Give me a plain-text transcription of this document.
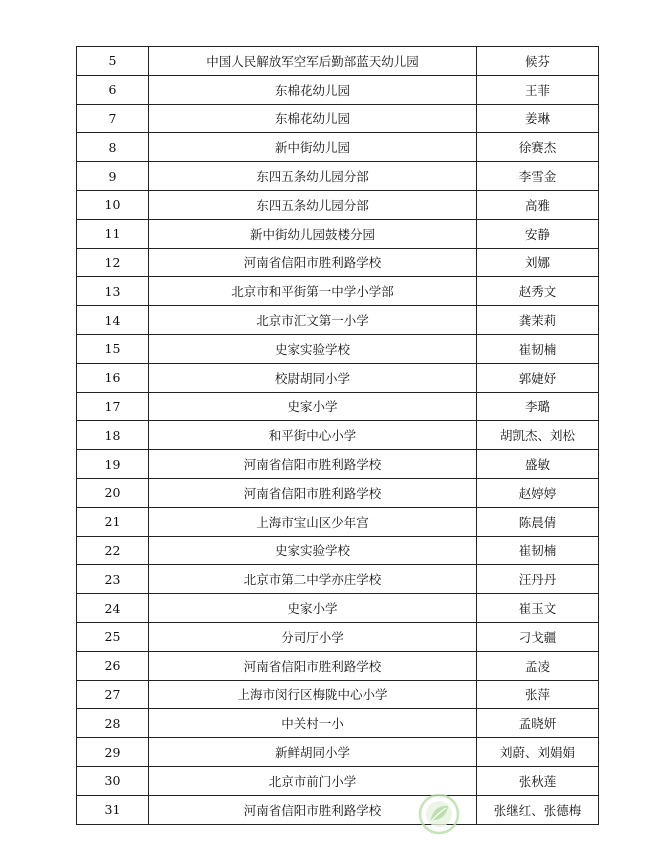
5	中国人民解放军空军后勤部蓝天幼儿园	候芬
6	东棉花幼儿园	王菲
7	东棉花幼儿园	姜琳
8	新中街幼儿园	徐赛杰
9	东四五条幼儿园分部	李雪金
10	东四五条幼儿园分部	高雅
11	新中街幼儿园鼓楼分园	安静
12	河南省信阳市胜利路学校	刘娜
13	北京市和平街第一中学小学部	赵秀文
14	北京市汇文第一小学	龚茉莉
15	史家实验学校	崔韧楠
16	校尉胡同小学	郭婕妤
17	史家小学	李璐
18	和平街中心小学	胡凯杰、刘松
19	河南省信阳市胜利路学校	盛敏
20	河南省信阳市胜利路学校	赵婷婷
21	上海市宝山区少年宫	陈晨倩
22	史家实验学校	崔韧楠
23	北京市第二中学亦庄学校	汪丹丹
24	史家小学	崔玉文
25	分司厅小学	刁戈疆
26	河南省信阳市胜利路学校	孟凌
27	上海市闵行区梅陇中心小学	张萍
28	中关村一小	孟晓妍
29	新鲜胡同小学	刘蔚、刘娟娟
30	北京市前门小学	张秋莲
31	河南省信阳市胜利路学校	张继红、张德梅
